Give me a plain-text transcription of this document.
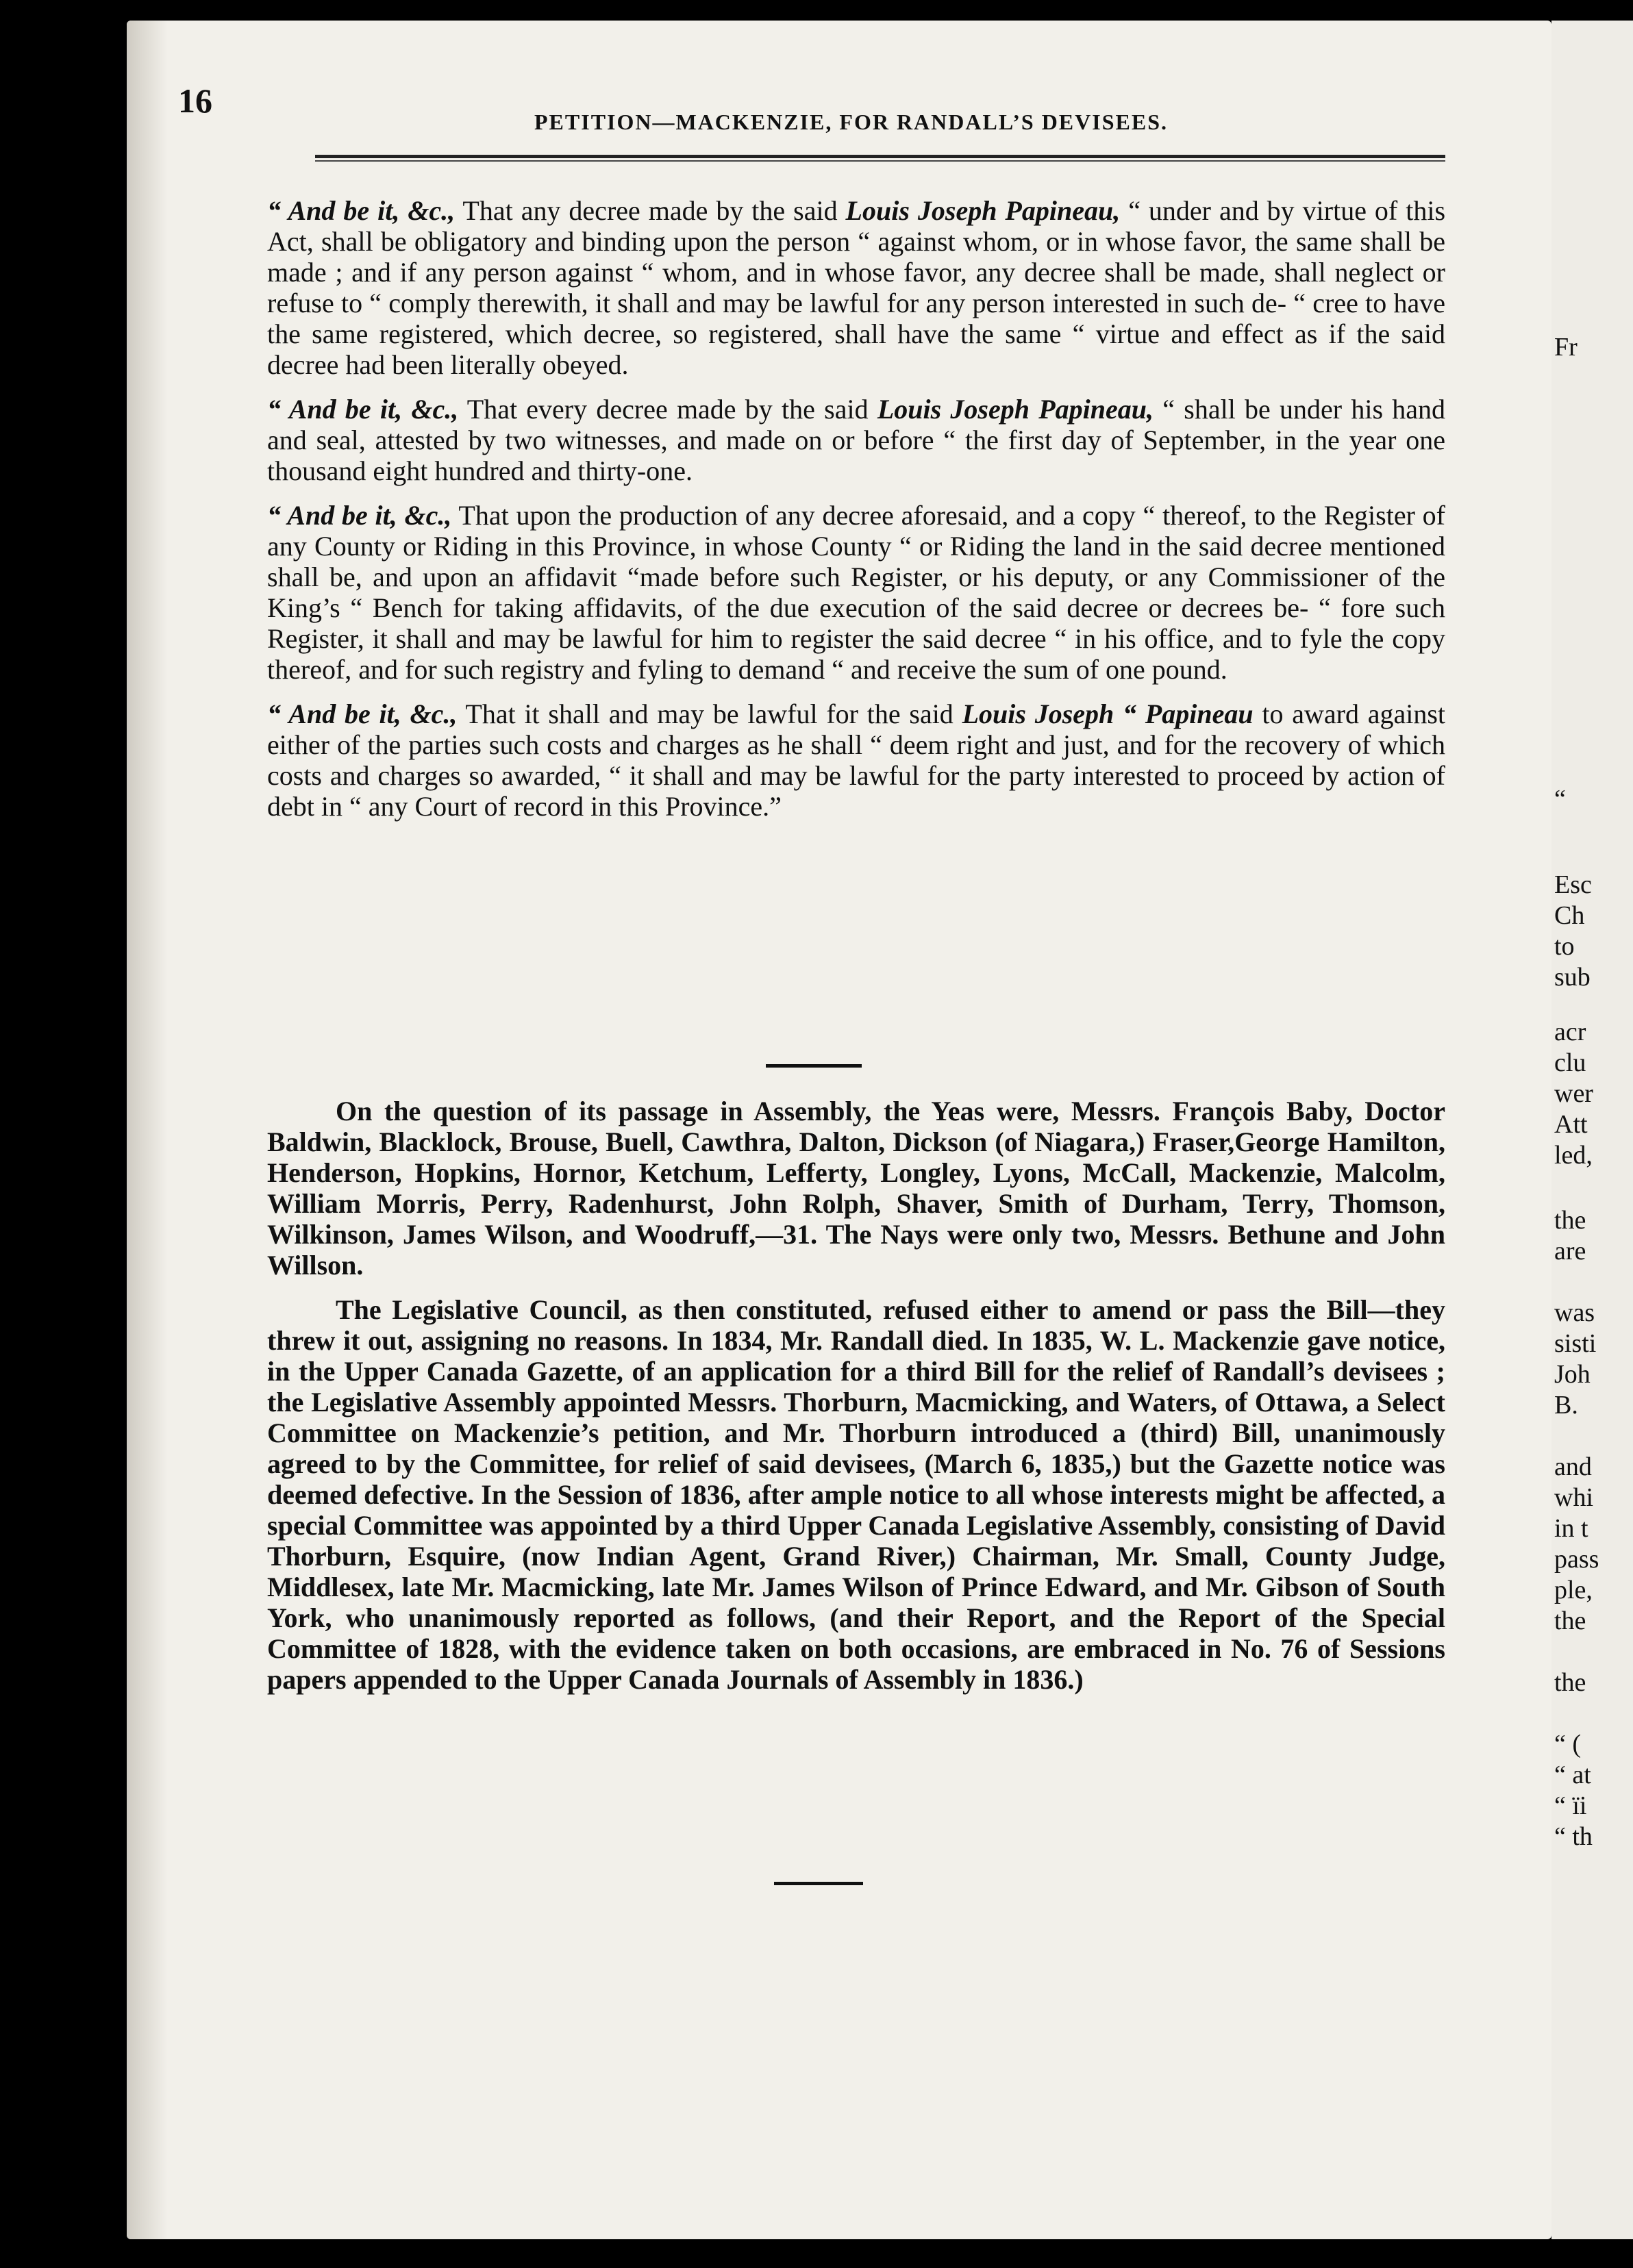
16
PETITION—MACKENZIE, FOR RANDALL’S DEVISEES.

“ And be it, &c., That any decree made by the said Louis Joseph Papineau, “ under and by virtue of this Act, shall be obligatory and binding upon the person “ against whom, or in whose favor, the same shall be made ; and if any person against “ whom, and in whose favor, any decree shall be made, shall neglect or refuse to “ comply therewith, it shall and may be lawful for any person interested in such de- “ cree to have the same registered, which decree, so registered, shall have the same “ virtue and effect as if the said decree had been literally obeyed.

“ And be it, &c., That every decree made by the said Louis Joseph Papineau, “ shall be under his hand and seal, attested by two witnesses, and made on or before “ the first day of September, in the year one thousand eight hundred and thirty-one.

“ And be it, &c., That upon the production of any decree aforesaid, and a copy “ thereof, to the Register of any County or Riding in this Province, in whose County “ or Riding the land in the said decree mentioned shall be, and upon an affidavit “made before such Register, or his deputy, or any Commissioner of the King’s “ Bench for taking affidavits, of the due execution of the said decree or decrees be- “ fore such Register, it shall and may be lawful for him to register the said decree “ in his office, and to fyle the copy thereof, and for such registry and fyling to demand “ and receive the sum of one pound.

“ And be it, &c., That it shall and may be lawful for the said Louis Joseph “ Papineau to award against either of the parties such costs and charges as he shall “ deem right and just, and for the recovery of which costs and charges so awarded, “ it shall and may be lawful for the party interested to proceed by action of debt in “ any Court of record in this Province.”

On the question of its passage in Assembly, the Yeas were, Messrs. François Baby, Doctor Baldwin, Blacklock, Brouse, Buell, Cawthra, Dalton, Dickson (of Niagara,) Fraser,George Hamilton, Henderson, Hopkins, Hornor, Ketchum, Lefferty, Longley, Lyons, McCall, Mackenzie, Malcolm, William Morris, Perry, Radenhurst, John Rolph, Shaver, Smith of Durham, Terry, Thomson, Wilkinson, James Wilson, and Woodruff,—31. The Nays were only two, Messrs. Bethune and John Willson.

The Legislative Council, as then constituted, refused either to amend or pass the Bill—they threw it out, assigning no reasons. In 1834, Mr. Randall died. In 1835, W. L. Mackenzie gave notice, in the Upper Canada Gazette, of an application for a third Bill for the relief of Randall’s devisees ; the Legislative Assembly appointed Messrs. Thorburn, Macmicking, and Waters, of Ottawa, a Select Committee on Mackenzie’s petition, and Mr. Thorburn introduced a (third) Bill, unanimously agreed to by the Committee, for relief of said devisees, (March 6, 1835,) but the Gazette notice was deemed defective. In the Session of 1836, after ample notice to all whose interests might be affected, a special Committee was appointed by a third Upper Canada Legislative Assembly, consisting of David Thorburn, Esquire, (now Indian Agent, Grand River,) Chairman, Mr. Small, County Judge, Middlesex, late Mr. Macmicking, late Mr. James Wilson of Prince Edward, and Mr. Gibson of South York, who unanimously reported as follows, (and their Report, and the Report of the Special Committee of 1828, with the evidence taken on both occasions, are embraced in No. 76 of Sessions papers appended to the Upper Canada Journals of Assembly in 1836.)

Fr
“
Esc
Ch
to
sub
acr
clu
wer
Att
led,
the
are
was
sisti
Joh
B.
and
whi
in t
pass
ple,
the
the
“ (
“ at
“ ïi
“ th
